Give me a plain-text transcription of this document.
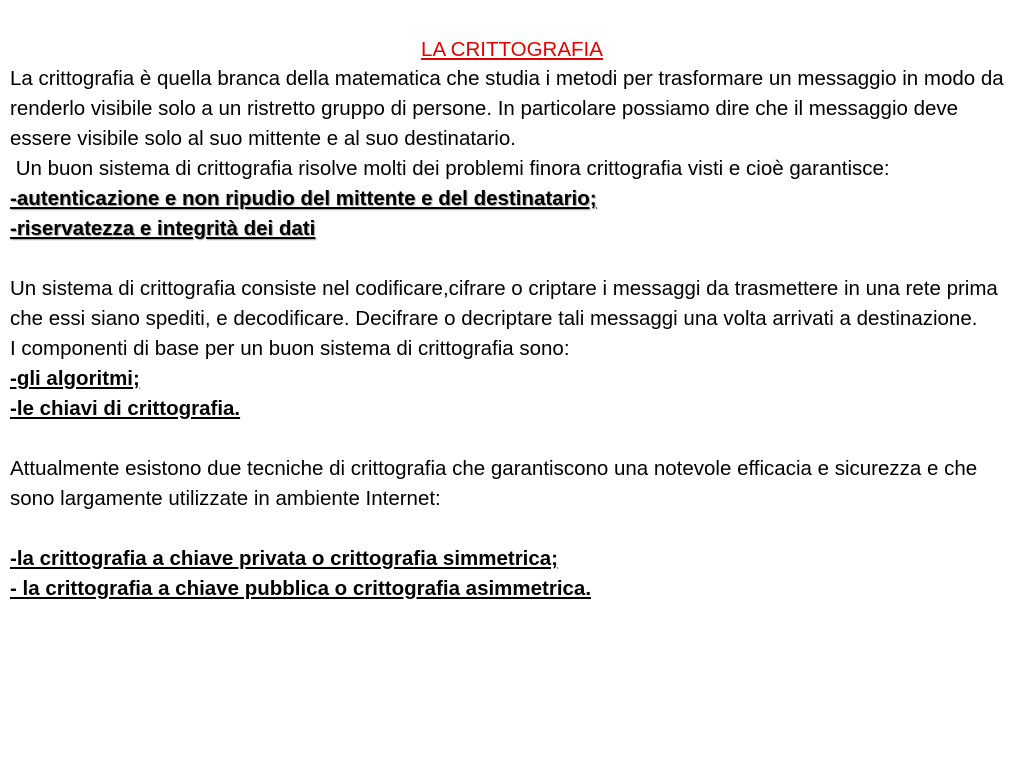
LA CRITTOGRAFIA

La crittografia è quella branca della matematica che studia i metodi per trasformare un messaggio in modo da renderlo visibile solo a un ristretto gruppo di persone. In particolare possiamo dire che il messaggio deve essere visibile solo al suo mittente e al suo destinatario.

Un buon sistema di crittografia risolve molti dei problemi finora crittografia visti e cioè garantisce:

-autenticazione e non ripudio del mittente e del destinatario;

-riservatezza e integrità dei dati

Un sistema di crittografia consiste nel codificare,cifrare o criptare i messaggi da trasmettere in una rete prima che essi siano spediti, e decodificare. Decifrare o decriptare tali messaggi una volta arrivati a destinazione.

I componenti di base per un buon sistema di crittografia sono:

-gli algoritmi;

-le chiavi di crittografia.

Attualmente esistono due tecniche di crittografia che garantiscono una notevole efficacia e sicurezza e che sono largamente utilizzate in ambiente Internet:

-la crittografia a chiave privata o crittografia simmetrica;

- la crittografia a chiave pubblica o crittografia asimmetrica.
